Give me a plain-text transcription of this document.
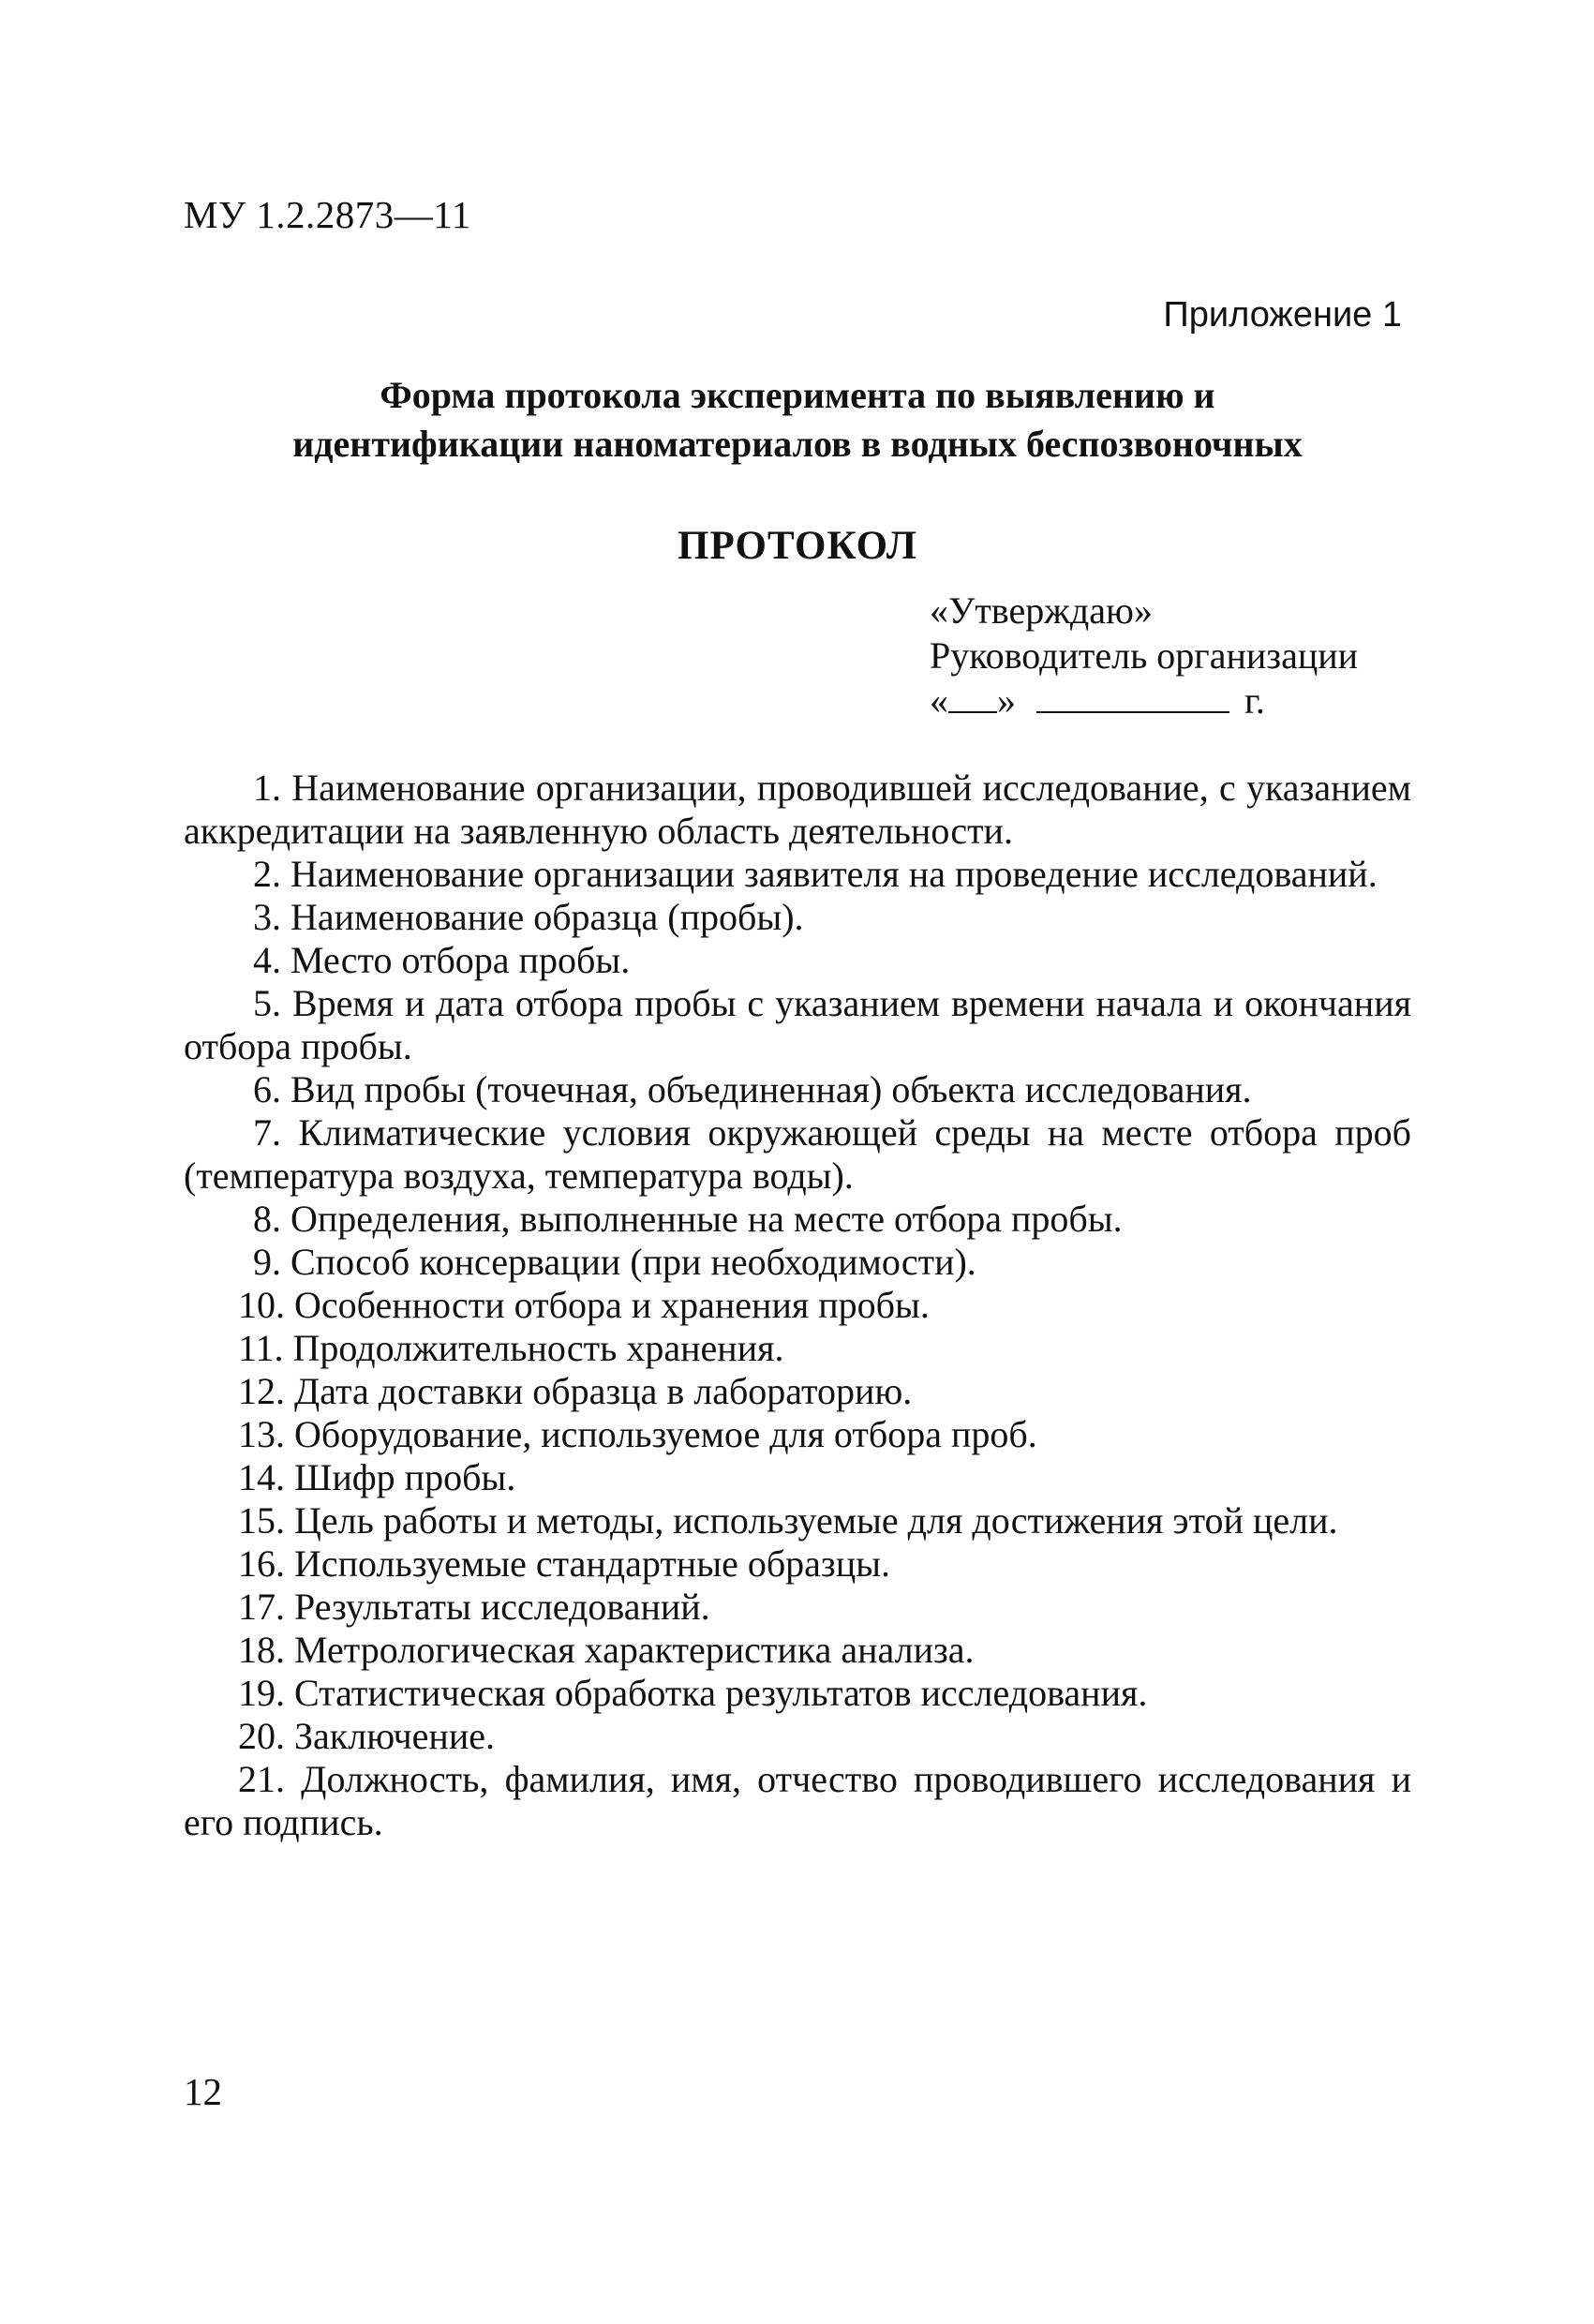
МУ 1.2.2873—11
Приложение 1
Форма протокола эксперимента по выявлению и
идентификации наноматериалов в водных беспозвоночных
ПРОТОКОЛ
«Утверждаю»
Руководитель организации
« »	г.
1. Наименование организации, проводившей исследование, с указанием аккредитации на заявленную область деятельности.
2. Наименование организации заявителя на проведение исследований.
3. Наименование образца (пробы).
4. Место отбора пробы.
5. Время и дата отбора пробы с указанием времени начала и окончания отбора пробы.
6. Вид пробы (точечная, объединенная) объекта исследования.
7. Климатические условия окружающей среды на месте отбора проб (температура воздуха, температура воды).
8. Определения, выполненные на месте отбора пробы.
9. Способ консервации (при необходимости).
10. Особенности отбора и хранения пробы.
11. Продолжительность хранения.
12. Дата доставки образца в лабораторию.
13. Оборудование, используемое для отбора проб.
14. Шифр пробы.
15. Цель работы и методы, используемые для достижения этой цели.
16. Используемые стандартные образцы.
17. Результаты исследований.
18. Метрологическая характеристика анализа.
19. Статистическая обработка результатов исследования.
20. Заключение.
21. Должность, фамилия, имя, отчество проводившего исследования и его подпись.
12
